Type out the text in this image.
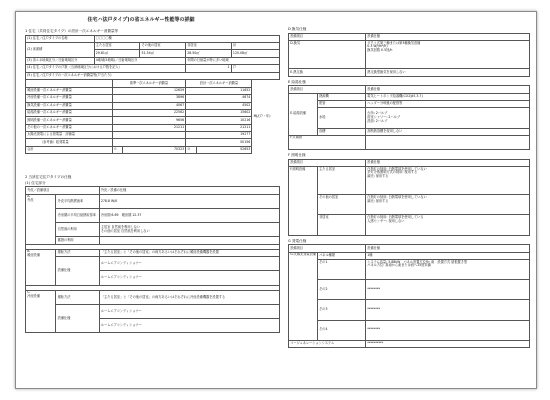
住宅ハ法戸タイプ)の省エネルギー性能等の詳細
1 住宅（共同住宅タイプ）の設計一次エネルギー消費量等
(1) 住宅／住戸タイプの名称	〇〇〇〇棟			
(2) 床面積	主たる居室	その他の居室	非居室	計
	29.81㎡	51.34㎡	28.50㎡	120.08㎡
(3) 省エネ地域区分／日射地域区分	4地域(5地域)／日射地域区分		年間の日射量が特に多い地域	
(4) 住宅／住戸タイプの戸数（当該地域区分における戸数を記入）			1	戸
(5) 住宅／住戸タイプの一次エネルギー消費量等(戸当たり)				
	基準一次エネルギー消費量		設計一次エネルギー消費量		
暖房設備一次エネルギー消費量	12659		11652		MJ/(戸・年)
冷房設備一次エネルギー消費量	3896		4674		
換気設備一次エネルギー消費量	4067		4502		
給湯設備一次エネルギー消費量	22562		15602		
照明設備一次エネルギー消費量	9656		10216		
その他の一次エネルギー消費量	21211		21211		
太陽光発電による発電量　評価量			19277		
（参考値）総発電量			50156		
合計	①	70323	②	52653	
2 当該住宅住戸タイプの仕様
(1) 住宅部分
外皮／設備項目		外皮／設備の仕様
A.
外皮	外皮平均熱貫流率	278.8 W/K
	冷房期の平均日射熱取得率	冷房期 6.69　暖房期 12.37
	自然風の利用	主居室 自然風を利用しない
その他の居室 自然風を利用しない
	蓄熱の利用	

B.
暖房設備	運転方法	「主たる居室」と「その他の居室」の両方あるいはそれぞれに暖房設備機器を設置
	設備仕様	ルームエアコンディショナー
		ルームエアコンディショナー

C.
冷房設備	運転方法	「主たる居室」と「その他の居室」の両方あるいはそれぞれに冷房設備機器を設置する
	設備仕様	ルームエアコンディショナー
		ルームエアコンディショナー
D 換気仕様
設備項目	設備仕様
D.換気	ダクト式第三種または第3種換気設備
0.3 W/(m³/h)
換気回数 0.5回/h
E.熱交換	熱交換型換気を採用しない
E 給湯仕様
設備項目		設備仕様
E.給湯設備	熱源機	電気ヒートポンプ給湯機(CO2)JIS 3.7)
	配管	ヘッダー分岐後の配管等
	水栓	台所: 2バルブ
浴室シャワー: 2バルブ
洗面: 2バルブ
	浴槽	高断熱浴槽を採用しない
F.太陽熱		
F 照明仕様
設備項目		設備仕様
F.照明設備	主たる居室	白熱灯の採用: 白熱電球を使用していない
多灯分散照明方式の採用: 採用する
調光: 採用する
	その他の居室	白熱灯の採用: 白熱電球を使用していない
調光: 採用する
	非居室	白熱灯の採用: 白熱電球を使用している
人感センサー: 採用しない
G 発電仕様
設備項目		設備仕様
G.太陽光発電設備	パネル種類	1種
	その1	システム容量: 3.88kW　パネル設置方位角: 南　設置方式 屋根置き型
パネル方位: 真南から東または西へ15度未満
	その2	********
	その3	********
	その4	********
コージェネレーションシステム		**********
